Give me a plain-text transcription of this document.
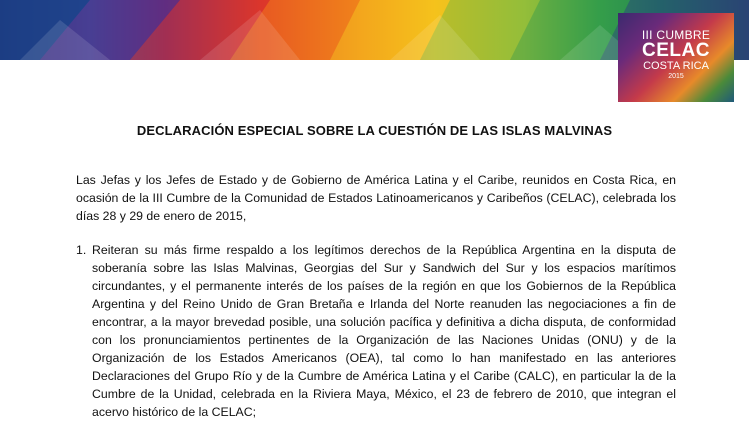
III CUMBRE
CELAC
COSTA RICA
2015
DECLARACIÓN ESPECIAL SOBRE LA CUESTIÓN DE LAS ISLAS MALVINAS
Las Jefas y los Jefes de Estado y de Gobierno de América Latina y el Caribe, reunidos en Costa Rica, en ocasión de la III Cumbre de la Comunidad de Estados Latinoamericanos y Caribeños (CELAC), celebrada los días 28 y 29 de enero de 2015,
1. Reiteran su más firme respaldo a los legítimos derechos de la República Argentina en la disputa de soberanía sobre las Islas Malvinas, Georgias del Sur y Sandwich del Sur y los espacios marítimos circundantes, y el permanente interés de los países de la región en que los Gobiernos de la República Argentina y del Reino Unido de Gran Bretaña e Irlanda del Norte reanuden las negociaciones a fin de encontrar, a la mayor brevedad posible, una solución pacífica y definitiva a dicha disputa, de conformidad con los pronunciamientos pertinentes de la Organización de las Naciones Unidas (ONU) y de la Organización de los Estados Americanos (OEA), tal como lo han manifestado en las anteriores Declaraciones del Grupo Río y de la Cumbre de América Latina y el Caribe (CALC), en particular la de la Cumbre de la Unidad, celebrada en la Riviera Maya, México, el 23 de febrero de 2010, que integran el acervo histórico de la CELAC;
